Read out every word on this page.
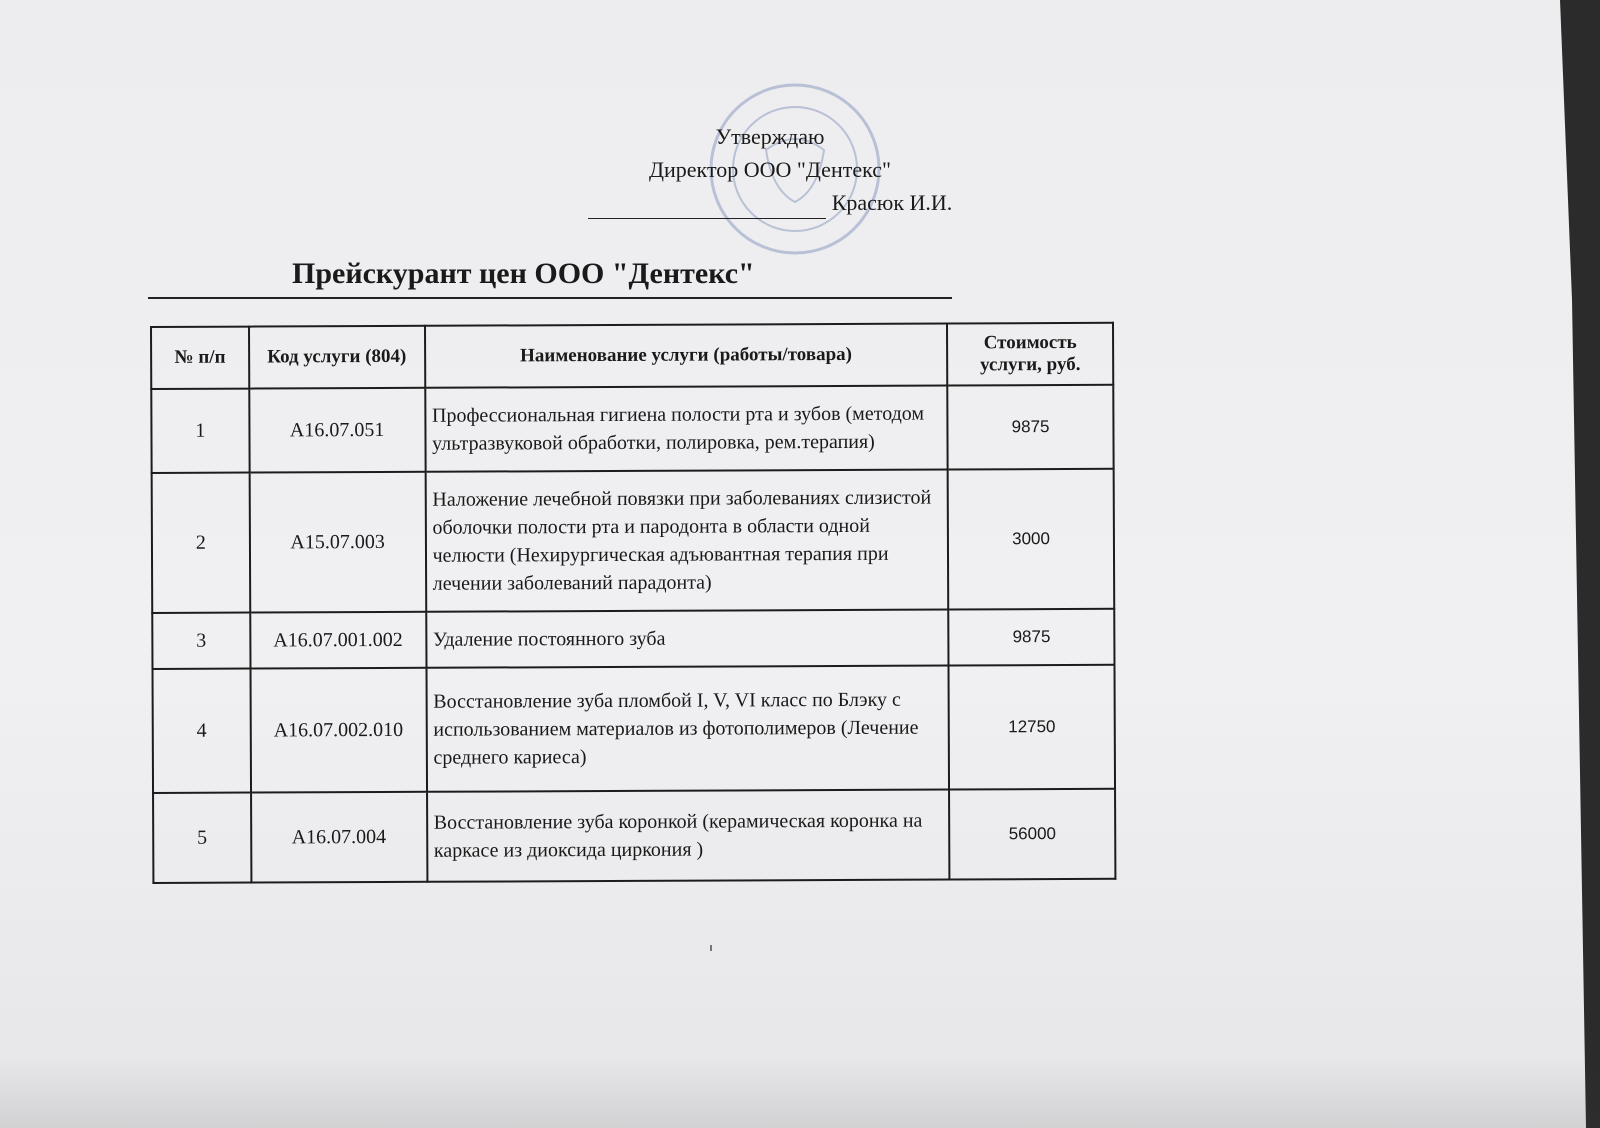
Утверждаю
Директор ООО "Дентекс"
Красюк И.И.
Прейскурант цен ООО "Дентекс"
№ п/п	Код услуги (804)	Наименование услуги (работы/товара)	Стоимость услуги, руб.
1	A16.07.051	Профессиональная гигиена полости рта и зубов (методом ультразвуковой обработки, полировка, рем.терапия)	9875
2	A15.07.003	Наложение лечебной повязки при заболеваниях слизистой оболочки полости рта и пародонта в области одной челюсти (Нехирургическая адъювантная терапия при лечении заболеваний парадонта)	3000
3	A16.07.001.002	Удаление постоянного зуба	9875
4	A16.07.002.010	Восстановление зуба пломбой I, V, VI класс по Блэку с использованием материалов из фотополимеров (Лечение среднего кариеса)	12750
5	A16.07.004	Восстановление зуба коронкой (керамическая коронка на каркасе из диоксида циркония )	56000
